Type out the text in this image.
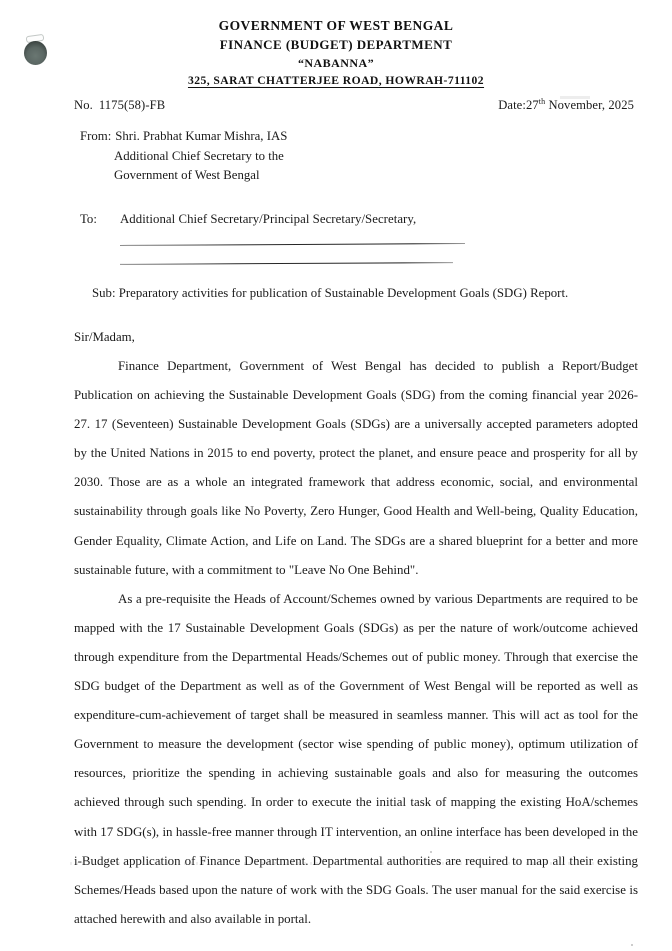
GOVERNMENT OF WEST BENGAL
FINANCE (BUDGET) DEPARTMENT
“NABANNA”
325, SARAT CHATTERJEE ROAD, HOWRAH-711102
No. 1175(58)-FB	Date:27th November, 2025
From: Shri. Prabhat Kumar Mishra, IAS
Additional Chief Secretary to the
Government of West Bengal
To:	Additional Chief Secretary/Principal Secretary/Secretary,
Sub: Preparatory activities for publication of Sustainable Development Goals (SDG) Report.
Sir/Madam,

Finance Department, Government of West Bengal has decided to publish a Report/Budget Publication on achieving the Sustainable Development Goals (SDG) from the coming financial year 2026-27. 17 (Seventeen) Sustainable Development Goals (SDGs) are a universally accepted parameters adopted by the United Nations in 2015 to end poverty, protect the planet, and ensure peace and prosperity for all by 2030. Those are as a whole an integrated framework that address economic, social, and environmental sustainability through goals like No Poverty, Zero Hunger, Good Health and Well-being, Quality Education, Gender Equality, Climate Action, and Life on Land. The SDGs are a shared blueprint for a better and more sustainable future, with a commitment to "Leave No One Behind".

As a pre-requisite the Heads of Account/Schemes owned by various Departments are required to be mapped with the 17 Sustainable Development Goals (SDGs) as per the nature of work/outcome achieved through expenditure from the Departmental Heads/Schemes out of public money. Through that exercise the SDG budget of the Department as well as of the Government of West Bengal will be reported as well as expenditure-cum-achievement of target shall be measured in seamless manner. This will act as tool for the Government to measure the development (sector wise spending of public money), optimum utilization of resources, prioritize the spending in achieving sustainable goals and also for measuring the outcomes achieved through such spending. In order to execute the initial task of mapping the existing HoA/schemes with 17 SDG(s), in hassle-free manner through IT intervention, an online interface has been developed in the i-Budget application of Finance Department. Departmental authorities are required to map all their existing Schemes/Heads based upon the nature of work with the SDG Goals. The user manual for the said exercise is attached herewith and also available in portal.
